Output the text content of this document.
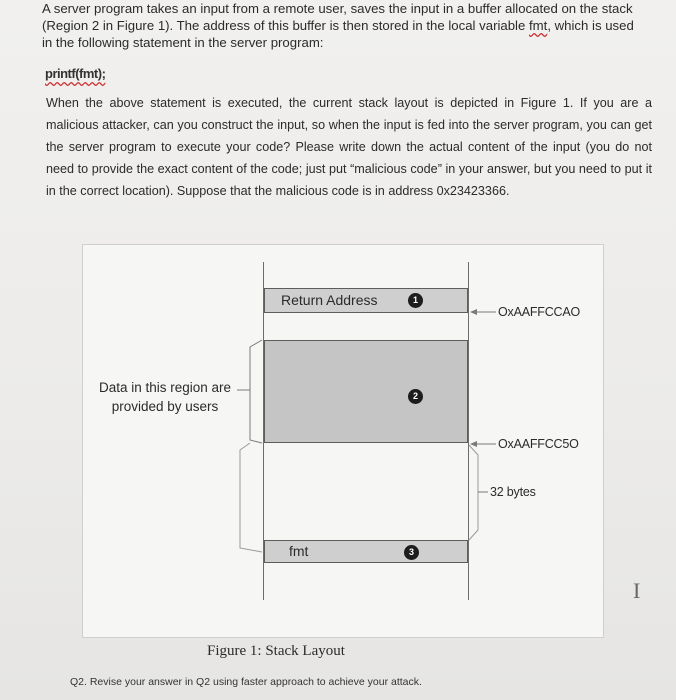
A server program takes an input from a remote user, saves the input in a buffer allocated on the stack
(Region 2 in Figure 1). The address of this buffer is then stored in the local variable fmt, which is used
in the following statement in the server program:
printf(fmt);
When the above statement is executed, the current stack layout is depicted in Figure 1. If you are a malicious attacker, can you construct the input, so when the input is fed into the server program, you can get the server program to execute your code? Please write down the actual content of the input (you do not need to provide the exact content of the code; just put “malicious code” in your answer, but you need to put it in the correct location). Suppose that the malicious code is in address 0x23423366.
Return Address	1
2
fmt	3
OxAAFFCCAO
OxAAFFCC5O
32 bytes
Data in this region are provided by users
Figure 1: Stack Layout
Q2. Revise your answer in Q2 using faster approach to achieve your attack.
I
